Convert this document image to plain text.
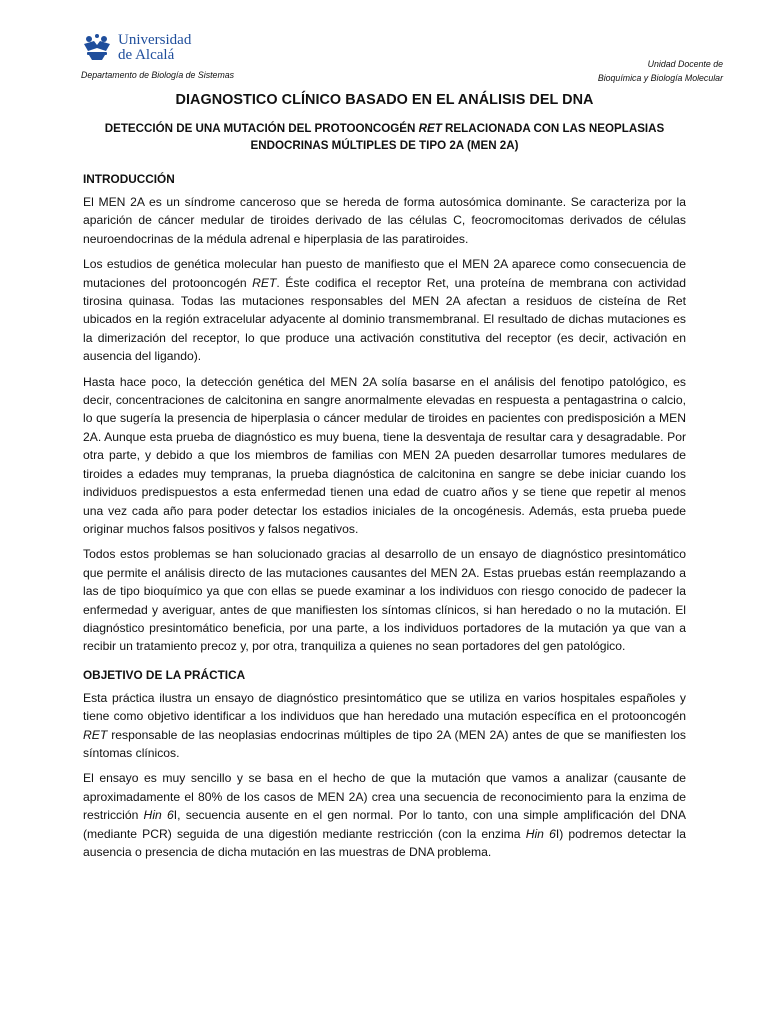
Universidad
de Alcalá
Departamento de Biología de Sistemas
Unidad Docente de
Bioquímica y Biología Molecular
DIAGNOSTICO CLÍNICO BASADO EN EL ANÁLISIS DEL DNA
DETECCIÓN DE UNA MUTACIÓN DEL PROTOONCOGÉN RET RELACIONADA CON LAS NEOPLASIAS ENDOCRINAS MÚLTIPLES DE TIPO 2A (MEN 2A)
INTRODUCCIÓN

El MEN 2A es un síndrome canceroso que se hereda de forma autosómica dominante. Se caracteriza por la aparición de cáncer medular de tiroides derivado de las células C, feocromocitomas derivados de células neuroendocrinas de la médula adrenal e hiperplasia de las paratiroides.

Los estudios de genética molecular han puesto de manifiesto que el MEN 2A aparece como consecuencia de mutaciones del protooncogén RET. Éste codifica el receptor Ret, una proteína de membrana con actividad tirosina quinasa. Todas las mutaciones responsables del MEN 2A afectan a residuos de cisteína de Ret ubicados en la región extracelular adyacente al dominio transmembranal. El resultado de dichas mutaciones es la dimerización del receptor, lo que produce una activación constitutiva del receptor (es decir, activación en ausencia del ligando).

Hasta hace poco, la detección genética del MEN 2A solía basarse en el análisis del fenotipo patológico, es decir, concentraciones de calcitonina en sangre anormalmente elevadas en respuesta a pentagastrina o calcio, lo que sugería la presencia de hiperplasia o cáncer medular de tiroides en pacientes con predisposición a MEN 2A. Aunque esta prueba de diagnóstico es muy buena, tiene la desventaja de resultar cara y desagradable. Por otra parte, y debido a que los miembros de familias con MEN 2A pueden desarrollar tumores medulares de tiroides a edades muy tempranas, la prueba diagnóstica de calcitonina en sangre se debe iniciar cuando los individuos predispuestos a esta enfermedad tienen una edad de cuatro años y se tiene que repetir al menos una vez cada año para poder detectar los estadios iniciales de la oncogénesis. Además, esta prueba puede originar muchos falsos positivos y falsos negativos.

Todos estos problemas se han solucionado gracias al desarrollo de un ensayo de diagnóstico presintomático que permite el análisis directo de las mutaciones causantes del MEN 2A. Estas pruebas están reemplazando a las de tipo bioquímico ya que con ellas se puede examinar a los individuos con riesgo conocido de padecer la enfermedad y averiguar, antes de que manifiesten los síntomas clínicos, si han heredado o no la mutación. El diagnóstico presintomático beneficia, por una parte, a los individuos portadores de la mutación ya que van a recibir un tratamiento precoz y, por otra, tranquiliza a quienes no sean portadores del gen patológico.

OBJETIVO DE LA PRÁCTICA

Esta práctica ilustra un ensayo de diagnóstico presintomático que se utiliza en varios hospitales españoles y tiene como objetivo identificar a los individuos que han heredado una mutación específica en el protooncogén RET responsable de las neoplasias endocrinas múltiples de tipo 2A (MEN 2A) antes de que se manifiesten los síntomas clínicos.

El ensayo es muy sencillo y se basa en el hecho de que la mutación que vamos a analizar (causante de aproximadamente el 80% de los casos de MEN 2A) crea una secuencia de reconocimiento para la enzima de restricción Hin 6I, secuencia ausente en el gen normal. Por lo tanto, con una simple amplificación del DNA (mediante PCR) seguida de una digestión mediante restricción (con la enzima Hin 6I) podremos detectar la ausencia o presencia de dicha mutación en las muestras de DNA problema.
